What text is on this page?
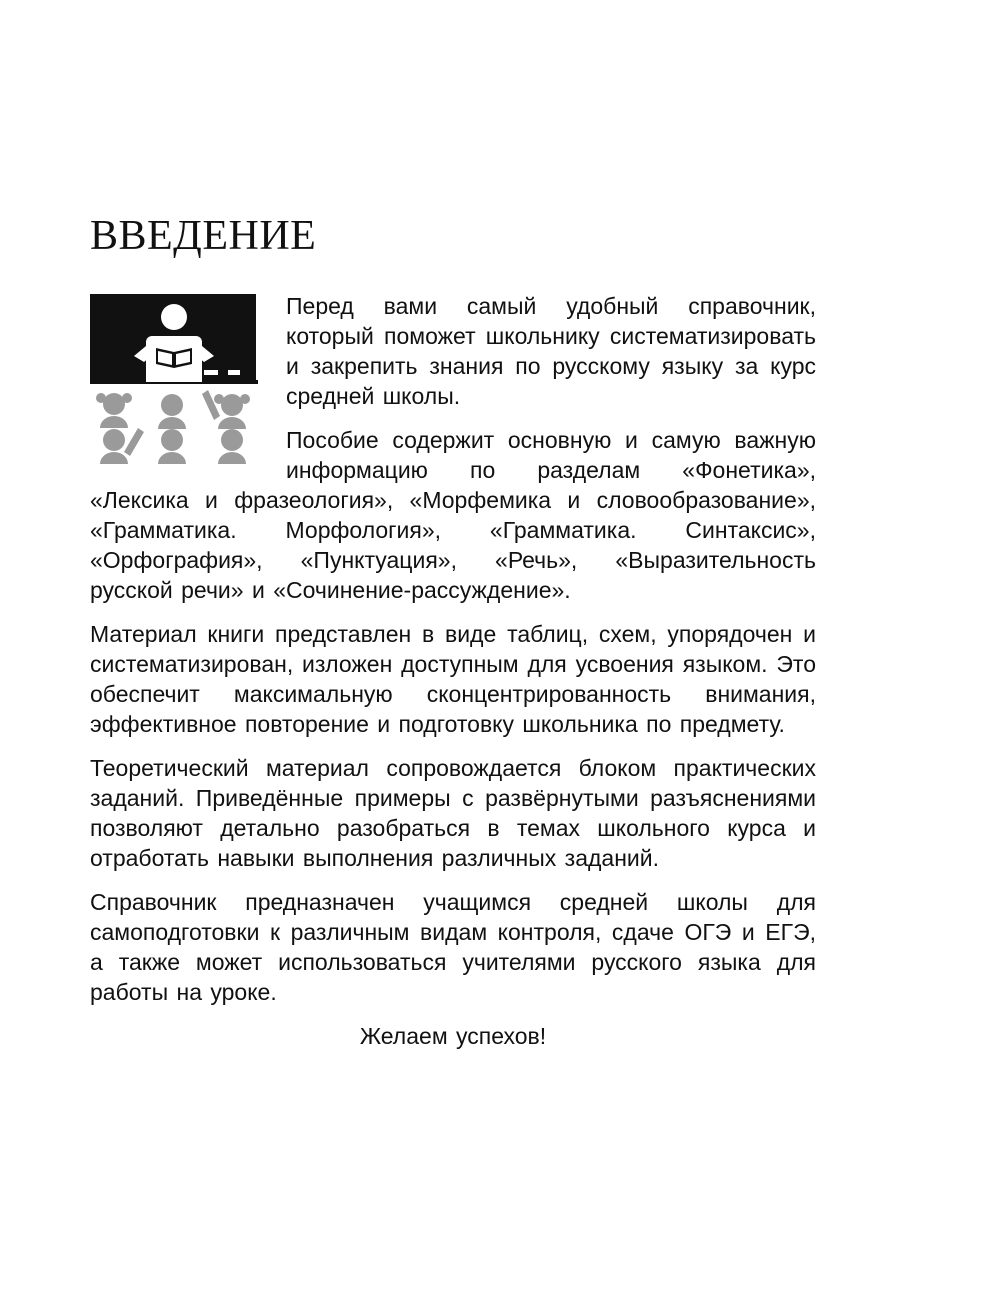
ВВЕДЕНИЕ

Перед вами самый удобный справочник, который поможет школьнику систематизировать и закрепить знания по русскому языку за курс средней школы.

Пособие содержит основную и самую важную информацию по разделам «Фонетика», «Лексика и фразеология», «Морфемика и словообразование», «Грамматика. Морфология», «Грамматика. Синтаксис», «Орфография», «Пунктуация», «Речь», «Выразительность русской речи» и «Сочинение-рассуждение».

Материал книги представлен в виде таблиц, схем, упорядочен и систематизирован, изложен доступным для усвоения языком. Это обеспечит максимальную сконцентрированность внимания, эффективное повторение и подготовку школьника по предмету.

Теоретический материал сопровождается блоком практических заданий. Приведённые примеры с развёрнутыми разъяснениями позволяют детально разобраться в темах школьного курса и отработать навыки выполнения различных заданий.

Справочник предназначен учащимся средней школы для самоподготовки к различным видам контроля, сдаче ОГЭ и ЕГЭ, а также может использоваться учителями русского языка для работы на уроке.

Желаем успехов!
